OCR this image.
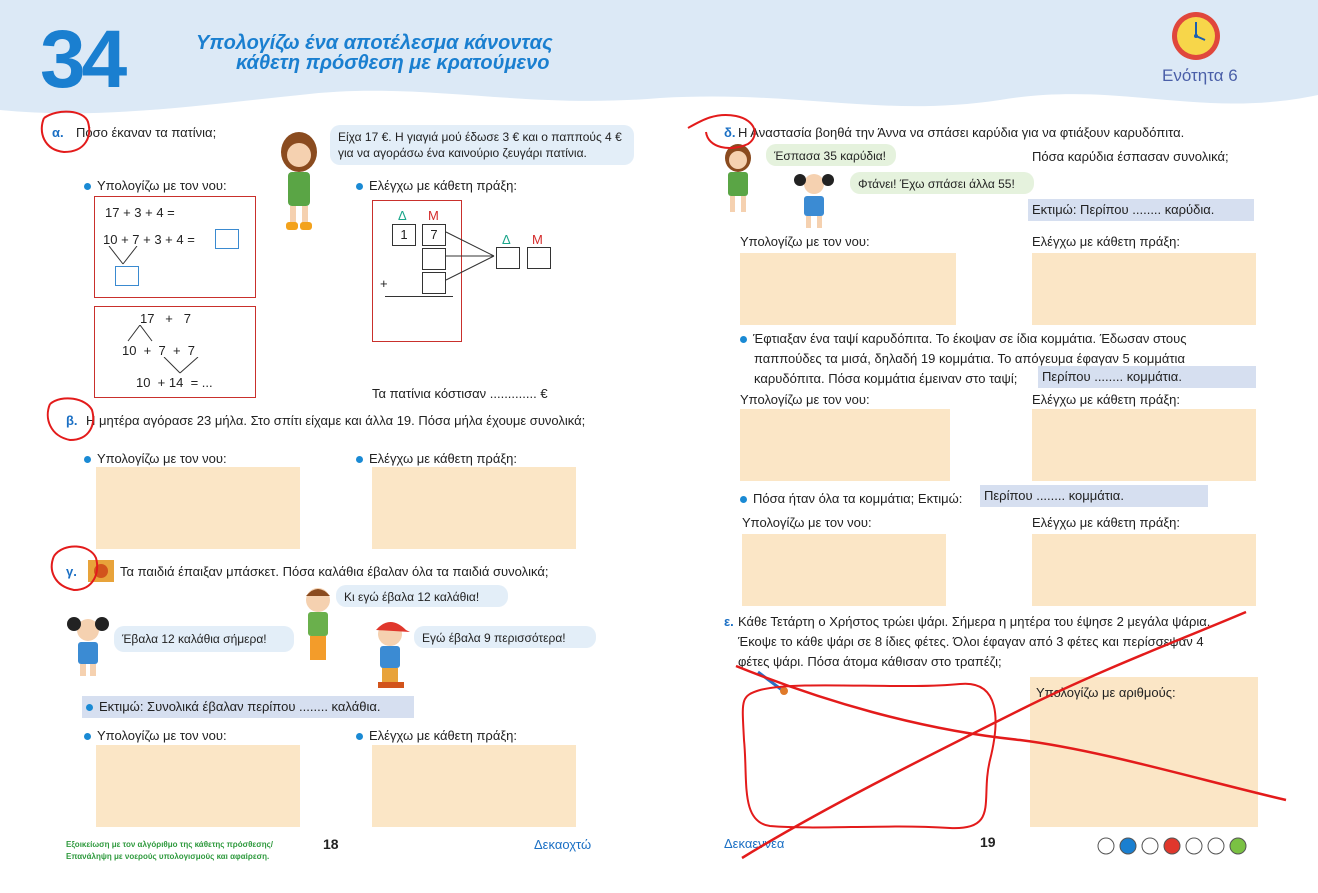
34	Υπολογίζω ένα αποτέλεσμα κάνοντας
κάθετη πρόσθεση με κρατούμενο
Ενότητα 6
α. Πόσο έκαναν τα πατίνια;	Είχα 17 €. Η γιαγιά μού έδωσε 3 € και ο παππούς 4 €
για να αγοράσω ένα καινούριο ζευγάρι πατίνια.
Υπολογίζω με τον νου:	Ελέγχω με κάθετη πράξη:
17 + 3 + 4 =
10 + 7 + 3 + 4 =
17   +   7
10  +  7  +  7
10  + 14  = ...
Δ Μ
1	7
+
Δ Μ
Τα πατίνια κόστισαν ............. €
β. Η μητέρα αγόρασε 23 μήλα. Στο σπίτι είχαμε και άλλα 19. Πόσα μήλα έχουμε συνολικά;
Υπολογίζω με τον νου:	Ελέγχω με κάθετη πράξη:
γ.	Τα παιδιά έπαιξαν μπάσκετ. Πόσα καλάθια έβαλαν όλα τα παιδιά συνολικά;
Κι εγώ έβαλα 12 καλάθια!
Έβαλα 12 καλάθια σήμερα!	Εγώ έβαλα 9 περισσότερα!
Εκτιμώ: Συνολικά έβαλαν περίπου ........ καλάθια.
Υπολογίζω με τον νου:	Ελέγχω με κάθετη πράξη:
Εξοικείωση με τον αλγόριθμο της κάθετης πρόσθεσης/
Επανάληψη με νοερούς υπολογισμούς και αφαίρεση.
18	Δεκαοχτώ
δ. Η Αναστασία βοηθά την Άννα να σπάσει καρύδια για να φτιάξουν καρυδόπιτα.
Έσπασα 35 καρύδια!
Φτάνει! Έχω σπάσει άλλα 55!
Πόσα καρύδια έσπασαν συνολικά;
Εκτιμώ: Περίπου ........ καρύδια.
Υπολογίζω με τον νου:	Ελέγχω με κάθετη πράξη:
Έφτιαξαν ένα ταψί καρυδόπιτα. Το έκοψαν σε ίδια κομμάτια. Έδωσαν στους
παππούδες τα μισά, δηλαδή 19 κομμάτια. Το απόγευμα έφαγαν 5 κομμάτια
καρυδόπιτα. Πόσα κομμάτια έμειναν στο ταψί;	Περίπου ........ κομμάτια.
Υπολογίζω με τον νου:	Ελέγχω με κάθετη πράξη:
Πόσα ήταν όλα τα κομμάτια; Εκτιμώ:	Περίπου ........ κομμάτια.
Υπολογίζω με τον νου:	Ελέγχω με κάθετη πράξη:
ε. Κάθε Τετάρτη ο Χρήστος τρώει ψάρι. Σήμερα η μητέρα του έψησε 2 μεγάλα ψάρια.
Έκοψε το κάθε ψάρι σε 8 ίδιες φέτες. Όλοι έφαγαν από 3 φέτες και περίσσεψαν 4
φέτες ψάρι. Πόσα άτομα κάθισαν στο τραπέζι;
Υπολογίζω με αριθμούς:
Δεκαεννέα	19
